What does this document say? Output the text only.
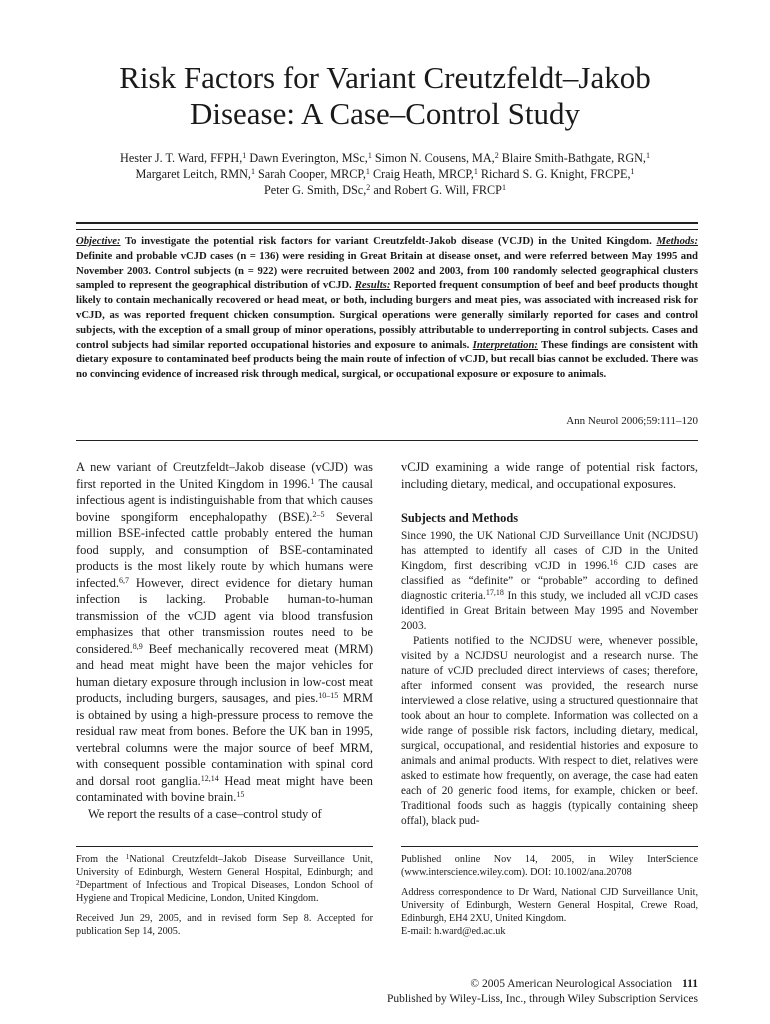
Risk Factors for Variant Creutzfeldt–Jakob
Disease: A Case–Control Study
Hester J. T. Ward, FFPH,$^1$ Dawn Everington, MSc,$^1$ Simon N. Cousens, MA,$^2$ Blaire Smith-Bathgate, RGN,$^1$
Margaret Leitch, RMN,$^1$ Sarah Cooper, MRCP,$^1$ Craig Heath, MRCP,$^1$ Richard S. G. Knight, FRCPE,$^1$
Peter G. Smith, DSc,$^2$ and Robert G. Will, FRCP$^1$
Objective: To investigate the potential risk factors for variant Creutzfeldt-Jakob disease (VCJD) in the United Kingdom. Methods: Definite and probable vCJD cases (n = 136) were residing in Great Britain at disease onset, and were referred between May 1995 and November 2003. Control subjects (n = 922) were recruited between 2002 and 2003, from 100 randomly selected geographical clusters sampled to represent the geographical distribution of vCJD. Results: Reported frequent consumption of beef and beef products thought likely to contain mechanically recovered or head meat, or both, including burgers and meat pies, was associated with increased risk for vCJD, as was reported frequent chicken consumption. Surgical operations were generally similarly reported for cases and control subjects, with the exception of a small group of minor operations, possibly attributable to underreporting in control subjects. Cases and control subjects had similar reported occupational histories and exposure to animals. Interpretation: These findings are consistent with dietary exposure to contaminated beef products being the main route of infection of vCJD, but recall bias cannot be excluded. There was no convincing evidence of increased risk through medical, surgical, or occupational exposure or exposure to animals.
Ann Neurol 2006;59:111–120

A new variant of Creutzfeldt–Jakob disease (vCJD) was first reported in the United Kingdom in 1996.$^1$ The causal infectious agent is indistinguishable from that which causes bovine spongiform encephalopathy (BSE).$^{2-5}$ Several million BSE-infected cattle probably entered the human food supply, and consumption of BSE-contaminated products is the most likely route by which humans were infected.$^{6,7}$ However, direct evidence for dietary human infection is lacking. Probable human-to-human transmission of the vCJD agent via blood transfusion emphasizes that other transmission routes need to be considered.$^{8,9}$ Beef mechanically recovered meat (MRM) and head meat might have been the major vehicles for human dietary exposure through inclusion in low-cost meat products, including burgers, sausages, and pies.$^{10-15}$ MRM is obtained by using a high-pressure process to remove the residual raw meat from bones. Before the UK ban in 1995, vertebral columns were the major source of beef MRM, with consequent possible contamination with spinal cord and dorsal root ganglia.$^{12,14}$ Head meat might have been contaminated with bovine brain.$^{15}$

We report the results of a case–control study of

vCJD examining a wide range of potential risk factors, including dietary, medical, and occupational exposures.

Subjects and Methods

Since 1990, the UK National CJD Surveillance Unit (NCJDSU) has attempted to identify all cases of CJD in the United Kingdom, first describing vCJD in 1996.16 CJD cases are classified as “definite” or “probable” according to defined diagnostic criteria.$^{17,18}$ In this study, we included all vCJD cases identified in Great Britain between May 1995 and November 2003.

Patients notified to the NCJDSU were, whenever possible, visited by a NCJDSU neurologist and a research nurse. The nature of vCJD precluded direct interviews of cases; therefore, after informed consent was provided, the research nurse interviewed a close relative, using a structured questionnaire that took about an hour to complete. Information was collected on a wide range of possible risk factors, including dietary, medical, surgical, occupational, and residential histories and exposure to animals and animal products. With respect to diet, relatives were asked to estimate how frequently, on average, the case had eaten each of 20 generic food items, for example, chicken or beef. Traditional foods such as haggis (typically containing sheep offal), black pud-

From the $^1$National Creutzfeldt–Jakob Disease Surveillance Unit, University of Edinburgh, Western General Hospital, Edinburgh; and $^2$Department of Infectious and Tropical Diseases, London School of Hygiene and Tropical Medicine, London, United Kingdom.

Received Jun 29, 2005, and in revised form Sep 8. Accepted for publication Sep 14, 2005.

Published online Nov 14, 2005, in Wiley InterScience (www.interscience.wiley.com). DOI: 10.1002/ana.20708

Address correspondence to Dr Ward, National CJD Surveillance Unit, University of Edinburgh, Western General Hospital, Crewe Road, Edinburgh, EH4 2XU, United Kingdom.

E-mail: h.ward@ed.ac.uk

© 2005 American Neurological Association 111
Published by Wiley-Liss, Inc., through Wiley Subscription Services
